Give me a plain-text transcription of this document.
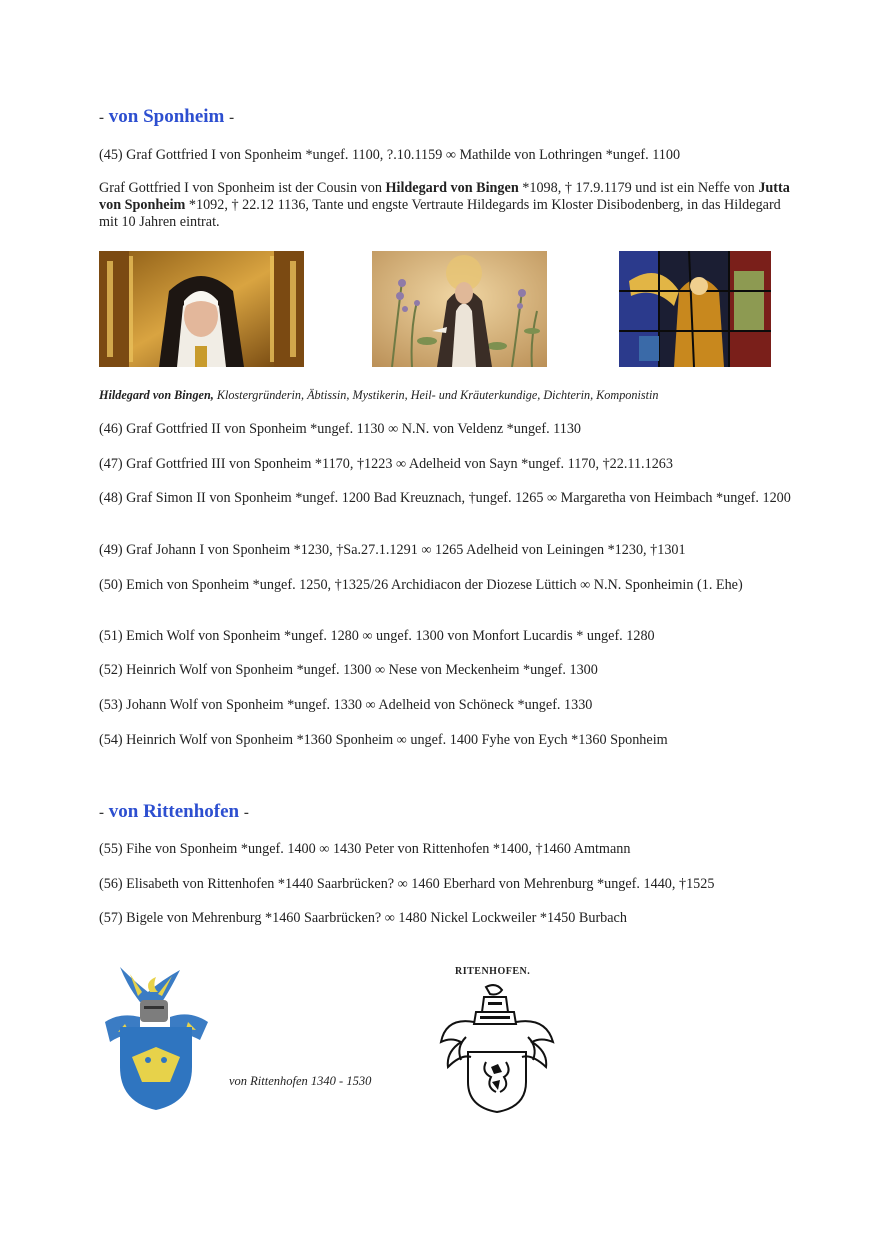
- von Sponheim -
(45) Graf Gottfried I von Sponheim *ungef. 1100, ?.10.1159 ∞ Mathilde von Lothringen *ungef. 1100
Graf Gottfried I von Sponheim ist der Cousin von Hildegard von Bingen *1098, † 17.9.1179 und ist ein Neffe von Jutta von Sponheim *1092, † 22.12 1136, Tante und engste Vertraute Hildegards im Kloster Disibodenberg, in das Hildegard mit 10 Jahren eintrat.
Hildegard von Bingen, Klostergründerin, Äbtissin, Mystikerin, Heil- und Kräuterkundige, Dichterin, Komponistin
(46) Graf Gottfried II von Sponheim *ungef. 1130 ∞ N.N. von Veldenz *ungef. 1130
(47) Graf Gottfried III von Sponheim *1170, †1223 ∞ Adelheid von Sayn *ungef. 1170, †22.11.1263
(48) Graf Simon II von Sponheim *ungef. 1200 Bad Kreuznach, †ungef. 1265 ∞ Margaretha von Heimbach *ungef. 1200
(49) Graf Johann I von Sponheim *1230, †Sa.27.1.1291 ∞ 1265 Adelheid von Leiningen *1230, †1301
(50) Emich von Sponheim *ungef. 1250, †1325/26 Archidiacon der Diozese Lüttich ∞ N.N. Sponheimin (1. Ehe)
(51) Emich Wolf von Sponheim *ungef. 1280 ∞ ungef. 1300 von Monfort Lucardis * ungef. 1280
(52) Heinrich Wolf von Sponheim *ungef. 1300 ∞ Nese von Meckenheim *ungef. 1300
(53) Johann Wolf von Sponheim *ungef. 1330 ∞ Adelheid von Schöneck *ungef. 1330
(54) Heinrich Wolf von Sponheim *1360 Sponheim ∞ ungef. 1400 Fyhe von Eych *1360 Sponheim
- von Rittenhofen -
(55) Fihe von Sponheim *ungef. 1400 ∞ 1430 Peter von Rittenhofen *1400, †1460 Amtmann
(56) Elisabeth von Rittenhofen *1440 Saarbrücken? ∞ 1460 Eberhard von Mehrenburg *ungef. 1440, †1525
(57) Bigele von Mehrenburg *1460 Saarbrücken? ∞ 1480 Nickel Lockweiler *1450 Burbach
von Rittenhofen 1340 - 1530
RITENHOFEN.
